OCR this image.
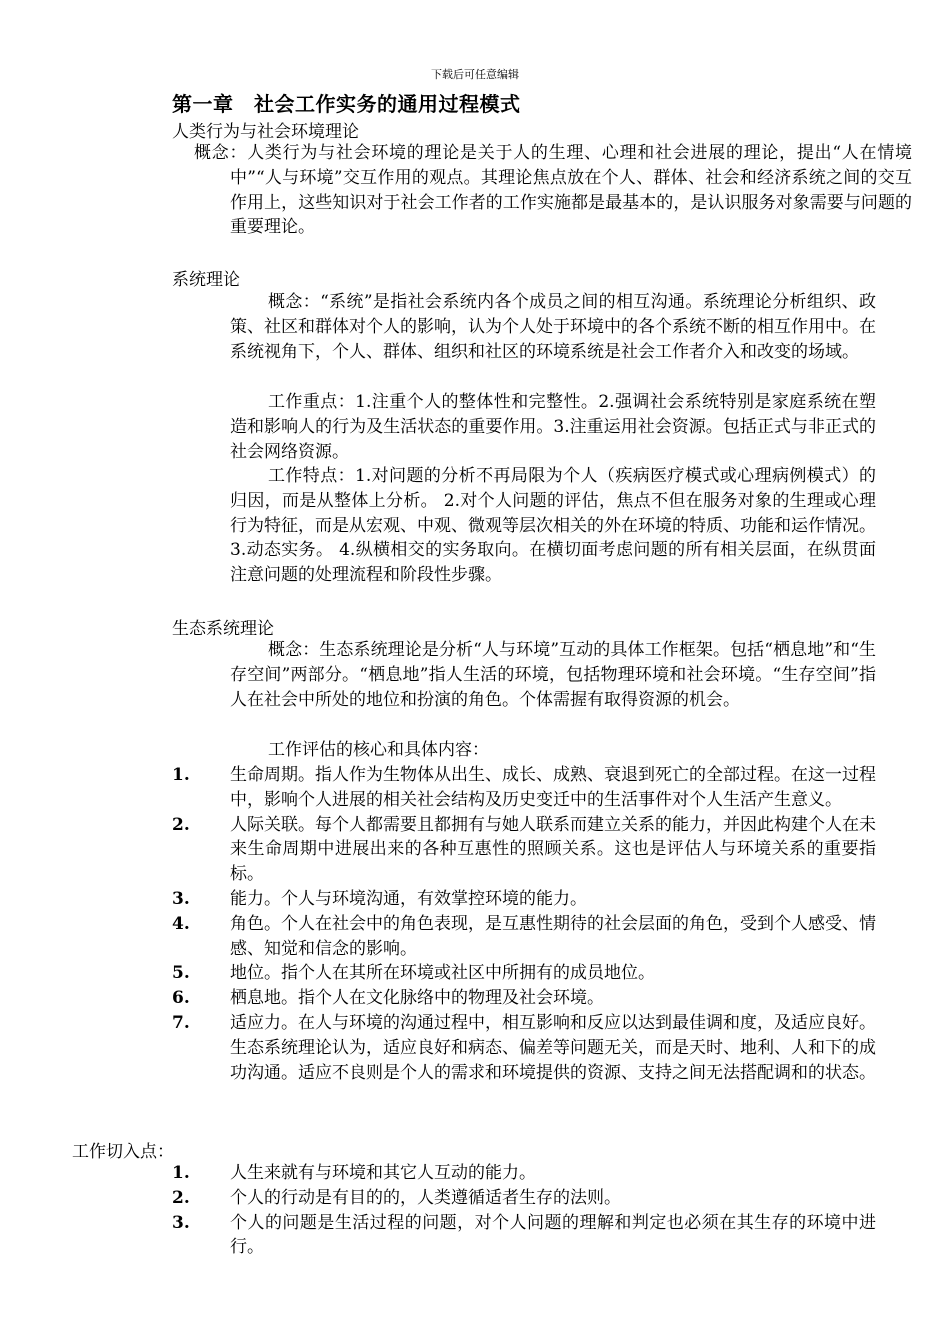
下载后可任意编辑
第一章　社会工作实务的通用过程模式
人类行为与社会环境理论
概念：人类行为与社会环境的理论是关于人的生理、心理和社会进展的理论，提出“人在情境中”“人与环境”交互作用的观点。其理论焦点放在个人、群体、社会和经济系统之间的交互作用上，这些知识对于社会工作者的工作实施都是最基本的，是认识服务对象需要与问题的重要理论。
系统理论
概念：“系统”是指社会系统内各个成员之间的相互沟通。系统理论分析组织、政策、社区和群体对个人的影响，认为个人处于环境中的各个系统不断的相互作用中。在系统视角下，个人、群体、组织和社区的环境系统是社会工作者介入和改变的场域。
工作重点：1.注重个人的整体性和完整性。2.强调社会系统特别是家庭系统在塑造和影响人的行为及生活状态的重要作用。3.注重运用社会资源。包括正式与非正式的社会网络资源。
工作特点：1.对问题的分析不再局限为个人（疾病医疗模式或心理病例模式）的归因，而是从整体上分析。 2.对个人问题的评估，焦点不但在服务对象的生理或心理行为特征，而是从宏观、中观、微观等层次相关的外在环境的特质、功能和运作情况。 3.动态实务。 4.纵横相交的实务取向。在横切面考虑问题的所有相关层面，在纵贯面注意问题的处理流程和阶段性步骤。
生态系统理论
概念：生态系统理论是分析“人与环境”互动的具体工作框架。包括“栖息地”和“生存空间”两部分。“栖息地”指人生活的环境，包括物理环境和社会环境。“生存空间”指人在社会中所处的地位和扮演的角色。个体需握有取得资源的机会。
工作评估的核心和具体内容：
1. 生命周期。指人作为生物体从出生、成长、成熟、衰退到死亡的全部过程。在这一过程中，影响个人进展的相关社会结构及历史变迁中的生活事件对个人生活产生意义。
2. 人际关联。每个人都需要且都拥有与她人联系而建立关系的能力，并因此构建个人在未来生命周期中进展出来的各种互惠性的照顾关系。这也是评估人与环境关系的重要指标。
3. 能力。个人与环境沟通，有效掌控环境的能力。
4. 角色。个人在社会中的角色表现，是互惠性期待的社会层面的角色，受到个人感受、情感、知觉和信念的影响。
5. 地位。指个人在其所在环境或社区中所拥有的成员地位。
6. 栖息地。指个人在文化脉络中的物理及社会环境。
7. 适应力。在人与环境的沟通过程中，相互影响和反应以达到最佳调和度，及适应良好。生态系统理论认为，适应良好和病态、偏差等问题无关，而是天时、地利、人和下的成功沟通。适应不良则是个人的需求和环境提供的资源、支持之间无法搭配调和的状态。
工作切入点：
1. 人生来就有与环境和其它人互动的能力。
2. 个人的行动是有目的的，人类遵循适者生存的法则。
3. 个人的问题是生活过程的问题，对个人问题的理解和判定也必须在其生存的环境中进行。
